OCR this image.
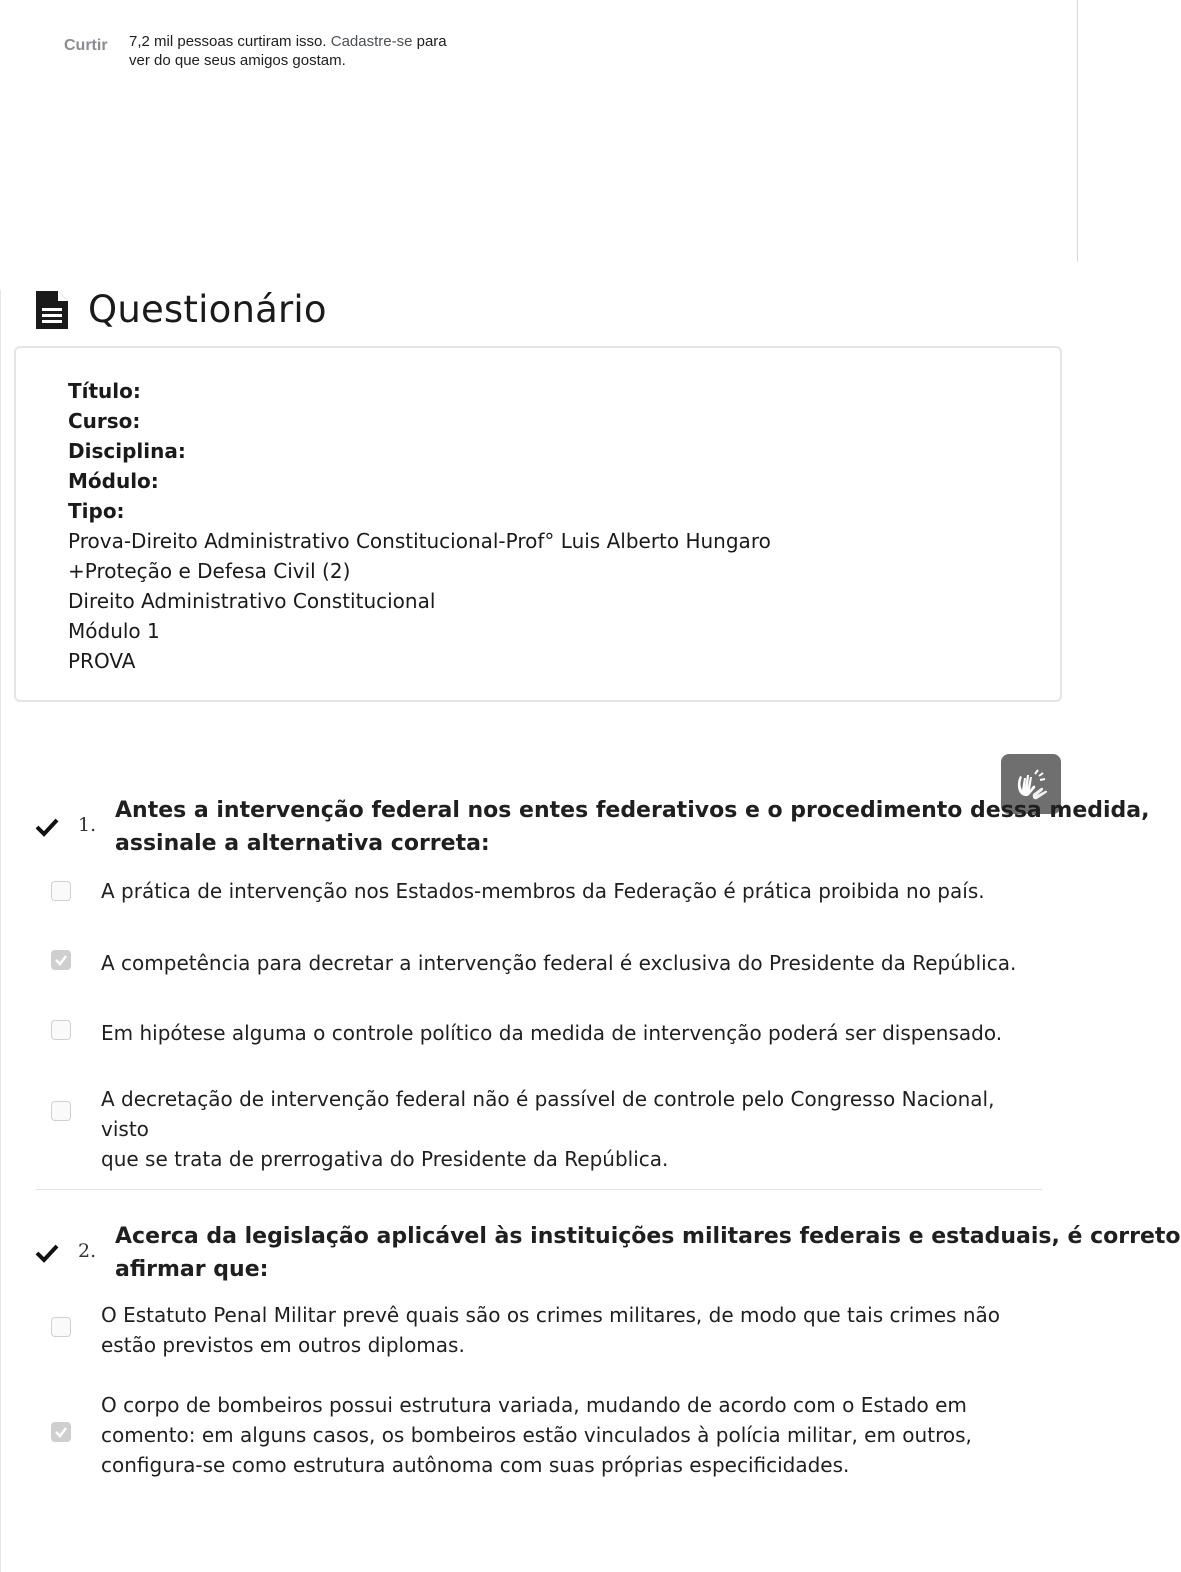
Curtir	7,2 mil pessoas curtiram isso. Cadastre-se para ver do que seus amigos gostam.
Questionário
Título:
Curso:
Disciplina:
Módulo:
Tipo:
Prova-Direito Administrativo Constitucional-Prof° Luis Alberto Hungaro
+Proteção e Defesa Civil (2)
Direito Administrativo Constitucional
Módulo 1
PROVA
1.
Antes a intervenção federal nos entes federativos e o procedimento dessa medida,
assinale a alternativa correta:
A prática de intervenção nos Estados-membros da Federação é prática proibida no país.
A competência para decretar a intervenção federal é exclusiva do Presidente da República.
Em hipótese alguma o controle político da medida de intervenção poderá ser dispensado.
A decretação de intervenção federal não é passível de controle pelo Congresso Nacional, visto
que se trata de prerrogativa do Presidente da República.
2.
Acerca da legislação aplicável às instituições militares federais e estaduais, é correto
afirmar que:
O Estatuto Penal Militar prevê quais são os crimes militares, de modo que tais crimes não
estão previstos em outros diplomas.
O corpo de bombeiros possui estrutura variada, mudando de acordo com o Estado em
comento: em alguns casos, os bombeiros estão vinculados à polícia militar, em outros,
configura-se como estrutura autônoma com suas próprias especificidades.
